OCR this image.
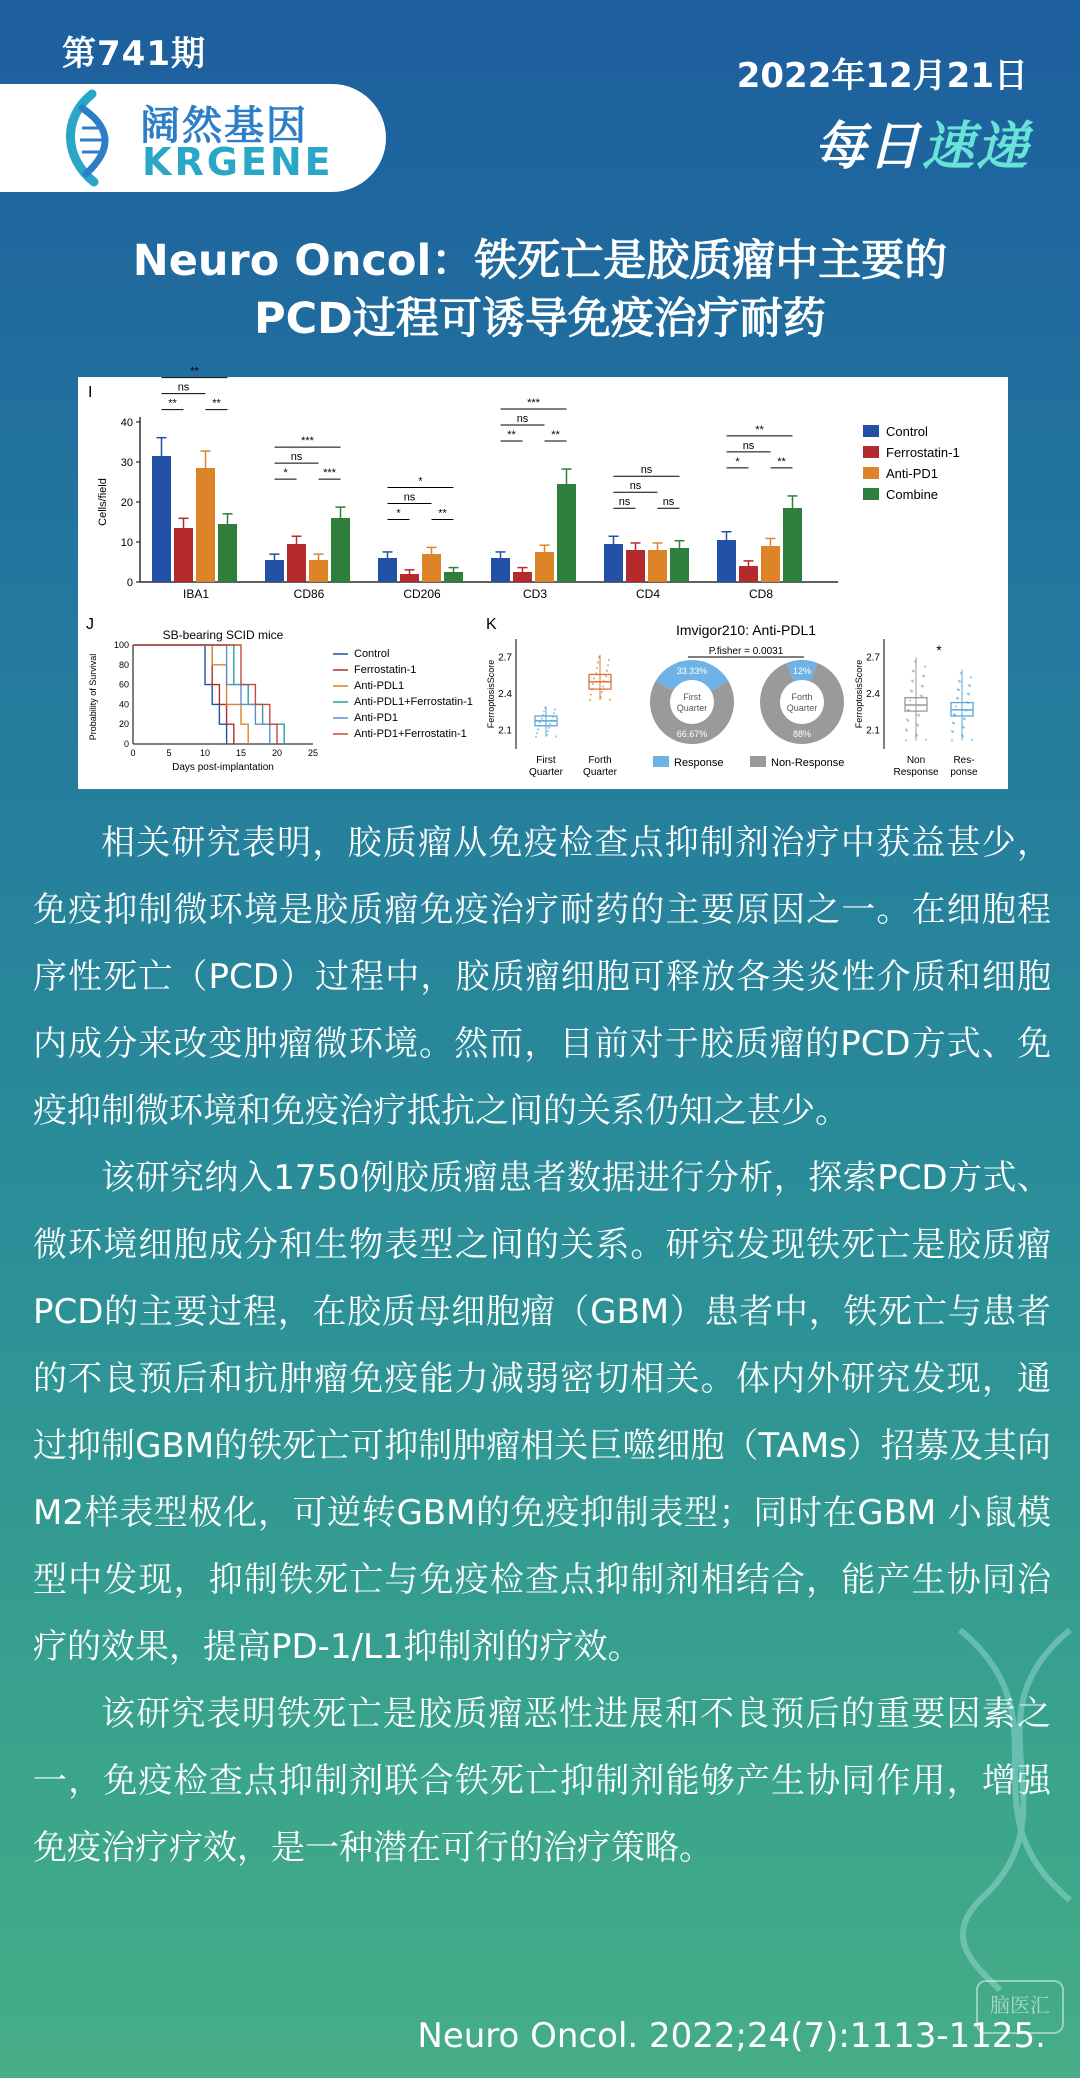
第741期
阔然基因
KRGENE
2022年12月21日
每日速递
Neuro Oncol：铁死亡是胶质瘤中主要的
PCD过程可诱导免疫治疗耐药
I
Cells/field
0
10
20
30
40
IBA1
**
ns
**	**
CD86
***
ns
*	***
CD206
*
ns
*	**
CD3
***
ns
**	**
CD4
ns
ns
ns	ns
CD8
**
ns
*	**
Control
Ferrostatin-1
Anti-PD1
Combine
J
SB-bearing SCID mice
Probability of Survival
0
20
40
60
80
100
0	5	10	15	20	25
Days post-implantation
Control
Ferrostatin-1
Anti-PDL1
Anti-PDL1+Ferrostatin-1
Anti-PD1
Anti-PD1+Ferrostatin-1
K	Imvigor210: Anti-PDL1
FerroptosisScore
2.1
2.4
2.7
First
Quarter
Forth
Quarter
P.fisher = 0.0031
33.33%
66.67%
First
Quarter
12%
88%
Forth
Quarter
Response	Non-Response
FerroptosisScore
2.1
2.4
2.7	*
Non
Response
Res-
ponse

相关研究表明，胶质瘤从免疫检查点抑制剂治疗中获益甚少，免疫抑制微环境是胶质瘤免疫治疗耐药的主要原因之一。在细胞程序性死亡（PCD）过程中，胶质瘤细胞可释放各类炎性介质和细胞内成分来改变肿瘤微环境。然而，目前对于胶质瘤的PCD方式、免疫抑制微环境和免疫治疗抵抗之间的关系仍知之甚少。

该研究纳入1750例胶质瘤患者数据进行分析，探索PCD方式、微环境细胞成分和生物表型之间的关系。研究发现铁死亡是胶质瘤PCD的主要过程，在胶质母细胞瘤（GBM）患者中，铁死亡与患者的不良预后和抗肿瘤免疫能力减弱密切相关。体内外研究发现，通过抑制GBM的铁死亡可抑制肿瘤相关巨噬细胞（TAMs）招募及其向M2样表型极化，可逆转GBM的免疫抑制表型；同时在GBM 小鼠模型中发现，抑制铁死亡与免疫检查点抑制剂相结合，能产生协同治疗的效果，提高PD-1/L1抑制剂的疗效。

该研究表明铁死亡是胶质瘤恶性进展和不良预后的重要因素之一，免疫检查点抑制剂联合铁死亡抑制剂能够产生协同作用，增强免疫治疗疗效，是一种潜在可行的治疗策略。

脑医汇
Neuro Oncol. 2022;24(7):1113-1125.
